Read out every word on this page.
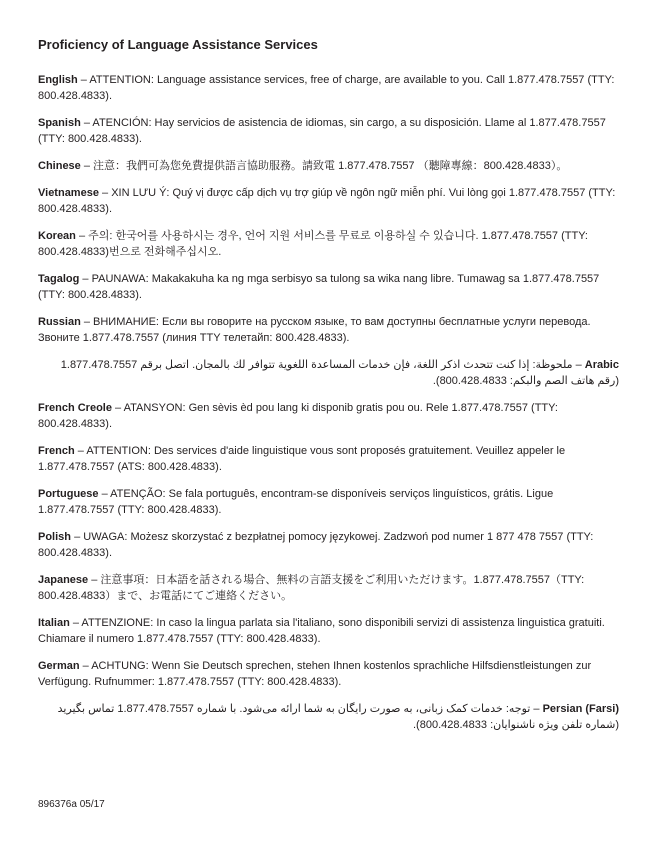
Proficiency of Language Assistance Services

English – ATTENTION: Language assistance services, free of charge, are available to you. Call 1.877.478.7557 (TTY: 800.428.4833).

Spanish – ATENCIÓN: Hay servicios de asistencia de idiomas, sin cargo, a su disposición. Llame al 1.877.478.7557 (TTY: 800.428.4833).

Chinese – 注意：我們可為您免費提供語言協助服務。請致電 1.877.478.7557 （聽障專線：800.428.4833）。

Vietnamese – XIN LƯU Ý: Quý vị được cấp dịch vụ trợ giúp về ngôn ngữ miễn phí. Vui lòng gọi 1.877.478.7557 (TTY: 800.428.4833).

Korean – 주의: 한국어를 사용하시는 경우, 언어 지원 서비스를 무료로 이용하실 수 있습니다. 1.877.478.7557 (TTY: 800.428.4833)번으로 전화해주십시오.

Tagalog – PAUNAWA: Makakakuha ka ng mga serbisyo sa tulong sa wika nang libre. Tumawag sa 1.877.478.7557 (TTY: 800.428.4833).

Russian – ВНИМАНИЕ: Если вы говорите на русском языке, то вам доступны бесплатные услуги перевода. Звоните 1.877.478.7557 (линия TTY телетайп: 800.428.4833).

Arabic – ملحوظة: إذا كنت تتحدث اذكر اللغة، فإن خدمات المساعدة اللغوية تتوافر لك بالمجان. اتصل برقم 1.877.478.7557 (رقم هاتف الصم والبكم: 800.428.4833).

French Creole – ATANSYON: Gen sèvis èd pou lang ki disponib gratis pou ou. Rele 1.877.478.7557 (TTY: 800.428.4833).

French – ATTENTION: Des services d'aide linguistique vous sont proposés gratuitement. Veuillez appeler le 1.877.478.7557 (ATS: 800.428.4833).

Portuguese – ATENÇÃO: Se fala português, encontram-se disponíveis serviços linguísticos, grátis. Ligue 1.877.478.7557 (TTY: 800.428.4833).

Polish – UWAGA: Możesz skorzystać z bezpłatnej pomocy językowej. Zadzwoń pod numer 1 877 478 7557 (TTY: 800.428.4833).

Japanese – 注意事項：日本語を話される場合、無料の言語支援をご利用いただけます。1.877.478.7557（TTY: 800.428.4833）まで、お電話にてご連絡ください。

Italian – ATTENZIONE: In caso la lingua parlata sia l'italiano, sono disponibili servizi di assistenza linguistica gratuiti. Chiamare il numero 1.877.478.7557 (TTY: 800.428.4833).

German – ACHTUNG: Wenn Sie Deutsch sprechen, stehen Ihnen kostenlos sprachliche Hilfsdienstleistungen zur Verfügung. Rufnummer: 1.877.478.7557 (TTY: 800.428.4833).

Persian (Farsi) – توجه: خدمات کمک زبانی، به صورت رایگان به شما ارائه می‌شود. با شماره 1.877.478.7557 تماس بگیرید (شماره تلفن ویژه ناشنوایان: 800.428.4833).

896376a 05/17
